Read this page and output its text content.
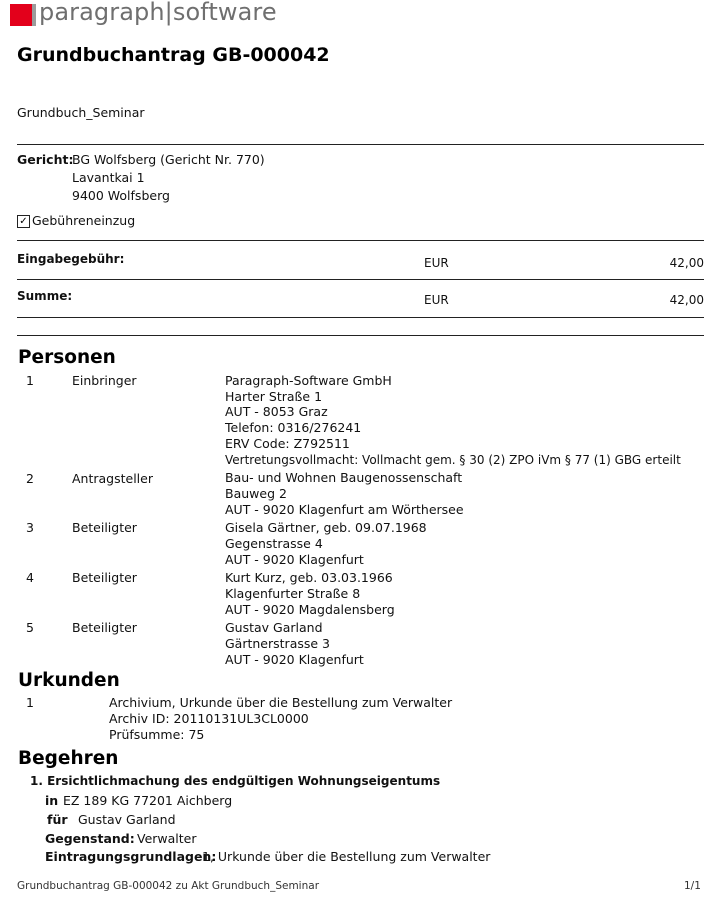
paragraph|software
Grundbuchantrag GB-000042
Grundbuch_Seminar
Gericht:
BG Wolfsberg (Gericht Nr. 770)
Lavantkai 1
9400 Wolfsberg
✓ Gebühreneinzug
Eingabegebühr:	EUR	42,00
Summe:	EUR	42,00
Personen
1	Einbringer	Paragraph-Software GmbH
Harter Straße 1
AUT - 8053 Graz
Telefon: 0316/276241
ERV Code: Z792511
Vertretungsvollmacht: Vollmacht gem. § 30 (2) ZPO iVm § 77 (1) GBG erteilt
2	Antragsteller	Bau- und Wohnen Baugenossenschaft
Bauweg 2
AUT - 9020 Klagenfurt am Wörthersee
3	Beteiligter	Gisela Gärtner, geb. 09.07.1968
Gegenstrasse 4
AUT - 9020 Klagenfurt
4	Beteiligter	Kurt Kurz, geb. 03.03.1966
Klagenfurter Straße 8
AUT - 9020 Magdalensberg
5	Beteiligter	Gustav Garland
Gärtnerstrasse 3
AUT - 9020 Klagenfurt
Urkunden
1	Archivium, Urkunde über die Bestellung zum Verwalter
Archiv ID: 20110131UL3CL0000
Prüfsumme: 75
Begehren
1. Ersichtlichmachung des endgültigen Wohnungseigentums
in EZ 189 KG 77201 Aichberg
für Gustav Garland
Gegenstand: Verwalter
Eintragungsgrundlagen:
1, Urkunde über die Bestellung zum Verwalter
Grundbuchantrag GB-000042 zu Akt Grundbuch_Seminar	1/1
